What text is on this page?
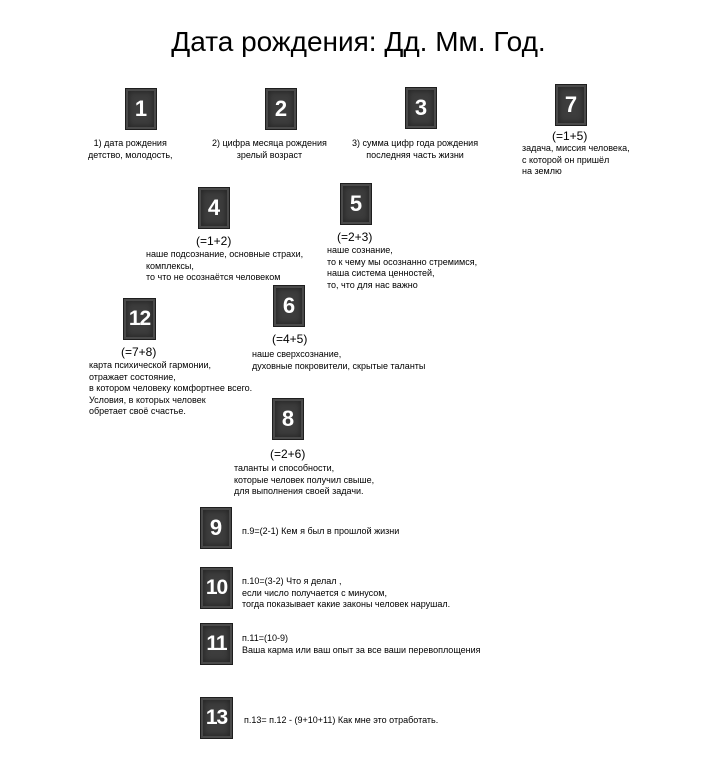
Дата рождения: Дд. Мм. Год.
1
1) дата рождения
детство, молодость,
2
2) цифра месяца рождения
зрелый возраст
3
3) сумма цифр года рождения
последняя часть жизни
7
(=1+5)
задача, миссия человека,
с которой он пришёл
на землю
4
(=1+2)
наше подсознание, основные страхи,
комплексы,
то что не осознаётся человеком
5
(=2+3)
наше сознание,
то к чему мы осознанно стремимся,
наша система ценностей,
то, что для нас важно
6
(=4+5)
наше сверхсознание,
духовные покровители, скрытые таланты
12
(=7+8)
карта психической гармонии,
отражает состояние,
в котором человеку комфортнее всего.
Условия, в которых человек
обретает своё счастье.	8
(=2+6)
таланты и способности,
которые человек получил свыше,
для выполнения своей задачи.
9	п.9=(2-1) Кем я был в прошлой жизни
10	п.10=(3-2) Что я делал ,
если число получается с минусом,
тогда показывает какие законы человек нарушал.
11	п.11=(10-9)
Ваша карма или ваш опыт за все ваши перевоплощения
13	п.13= п.12 - (9+10+11) Как мне это отработать.
